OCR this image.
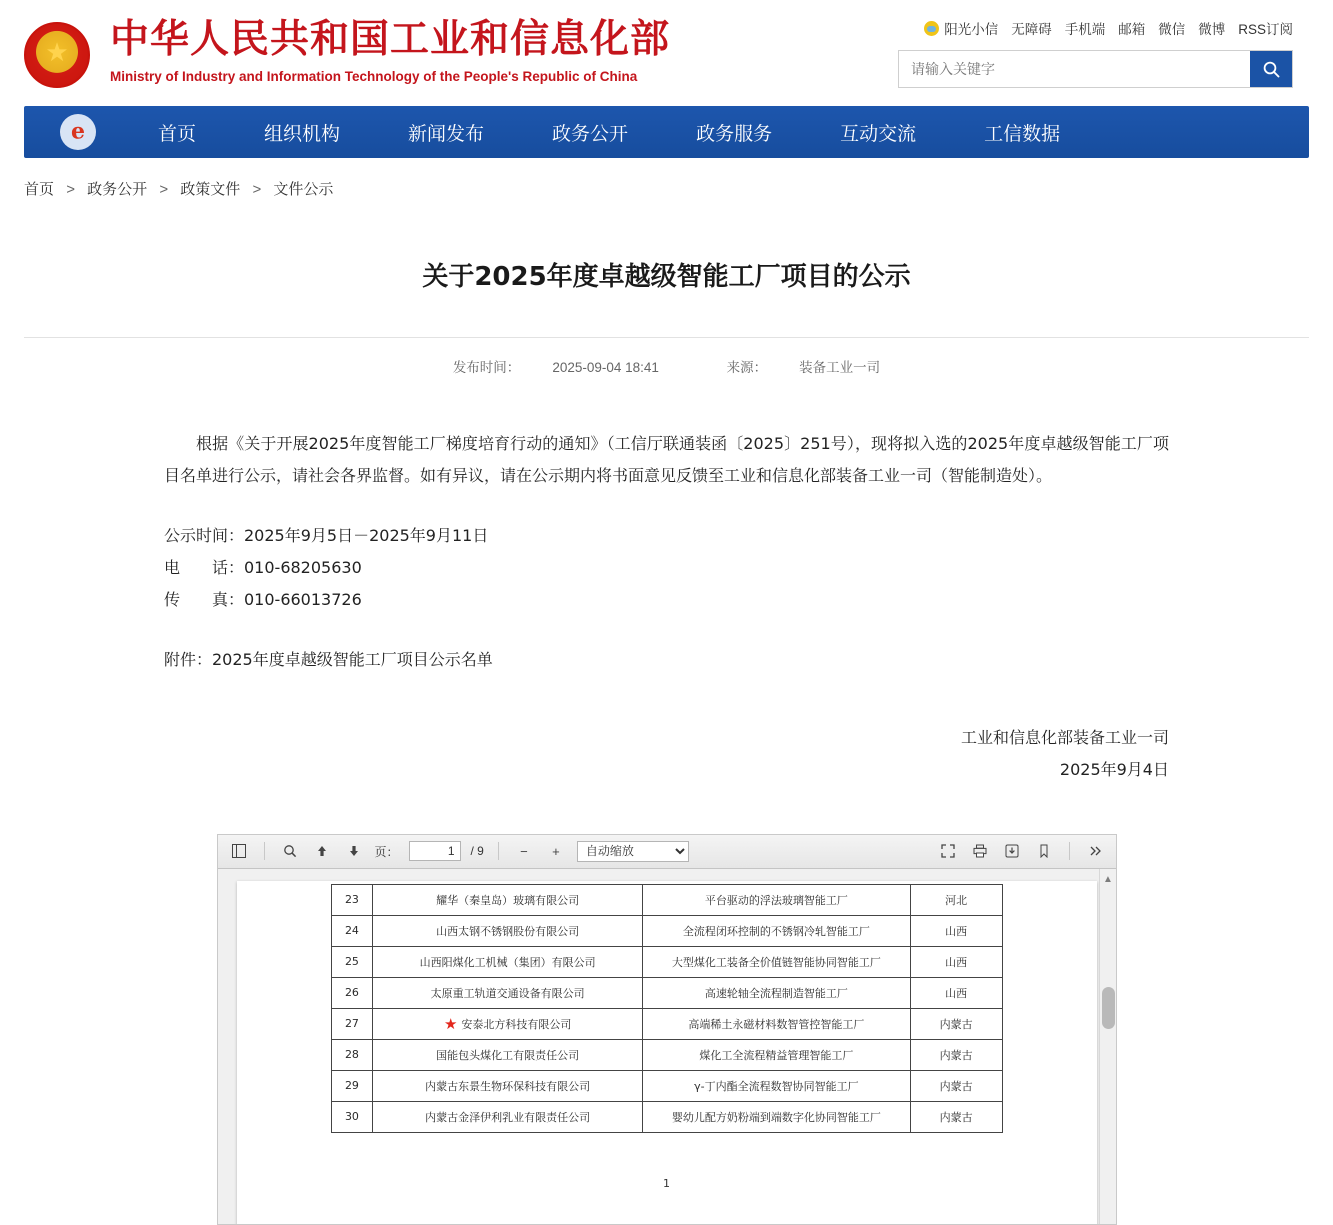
★ 中华人民共和国工业和信息化部
Ministry of Industry and Information Technology of the People's Republic of China
阳光小信 无障碍 手机端 邮箱 微信 微博 RSS订阅
请输入关键字
e
首页	组织机构	新闻发布	政务公开	政务服务	互动交流	工信数据
首页 > 政务公开 > 政策文件 > 文件公示
关于2025年度卓越级智能工厂项目的公示
发布时间： 2025-09-04 18:41	来源： 装备工业一司

根据《关于开展2025年度智能工厂梯度培育行动的通知》（工信厅联通装函〔2025〕251号），现将拟入选的2025年度卓越级智能工厂项目名单进行公示，请社会各界监督。如有异议，请在公示期内将书面意见反馈至工业和信息化部装备工业一司（智能制造处）。

公示时间：2025年9月5日－2025年9月11日
电　　话：010-68205630
传　　真：010-66013726

附件：2025年度卓越级智能工厂项目公示名单

工业和信息化部装备工业一司
2025年9月4日
页：
1	/ 9	−	+
自动缩放
23	耀华（秦皇岛）玻璃有限公司	平台驱动的浮法玻璃智能工厂	河北
24	山西太钢不锈钢股份有限公司	全流程闭环控制的不锈钢冷轧智能工厂	山西
25	山西阳煤化工机械（集团）有限公司	大型煤化工装备全价值链智能协同智能工厂	山西
26	太原重工轨道交通设备有限公司	高速轮轴全流程制造智能工厂	山西
27	★ 安泰北方科技有限公司	高端稀土永磁材料数智管控智能工厂	内蒙古
28	国能包头煤化工有限责任公司	煤化工全流程精益管理智能工厂	内蒙古
29	内蒙古东景生物环保科技有限公司	γ-丁内酯全流程数智协同智能工厂	内蒙古
30	内蒙古金泽伊利乳业有限责任公司	婴幼儿配方奶粉端到端数字化协同智能工厂	内蒙古
1
▲
